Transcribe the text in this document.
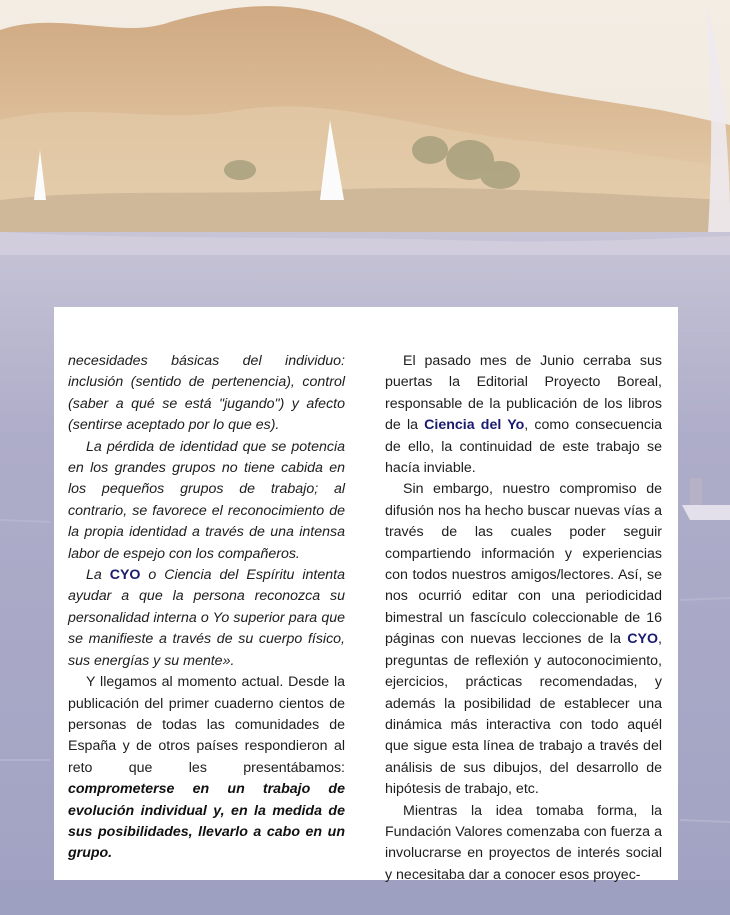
necesidades básicas del individuo: inclusión (sentido de pertenencia), control (saber a qué se está "jugando") y afecto (sentirse aceptado por lo que es).

La pérdida de identidad que se potencia en los grandes grupos no tiene cabida en los pequeños grupos de trabajo; al contrario, se favorece el reconocimiento de la propia identidad a través de una intensa labor de espejo con los compañeros.

La CYO o Ciencia del Espíritu intenta ayudar a que la persona reconozca su personalidad interna o Yo superior para que se manifieste a través de su cuerpo físico, sus energías y su mente».

Y llegamos al momento actual. Desde la publicación del primer cuaderno cientos de personas de todas las comunidades de España y de otros países respondieron al reto que les presentábamos: comprometerse en un trabajo de evolución individual y, en la medida de sus posibilidades, llevarlo a cabo en un grupo.

El pasado mes de Junio cerraba sus puertas la Editorial Proyecto Boreal, responsable de la publicación de los libros de la Ciencia del Yo, como consecuencia de ello, la continuidad de este trabajo se hacía inviable.

Sin embargo, nuestro compromiso de difusión nos ha hecho buscar nuevas vías a través de las cuales poder seguir compartiendo información y experiencias con todos nuestros amigos/lectores. Así, se nos ocurrió editar con una periodicidad bimestral un fascículo coleccionable de 16 páginas con nuevas lecciones de la CYO, preguntas de reflexión y autoconocimiento, ejercicios, prácticas recomendadas, y además la posibilidad de establecer una dinámica más interactiva con todo aquél que sigue esta línea de trabajo a través del análisis de sus dibujos, del desarrollo de hipótesis de trabajo, etc.

Mientras la idea tomaba forma, la Fundación Valores comenzaba con fuerza a involucrarse en proyectos de interés social y necesitaba dar a conocer esos proyec-
